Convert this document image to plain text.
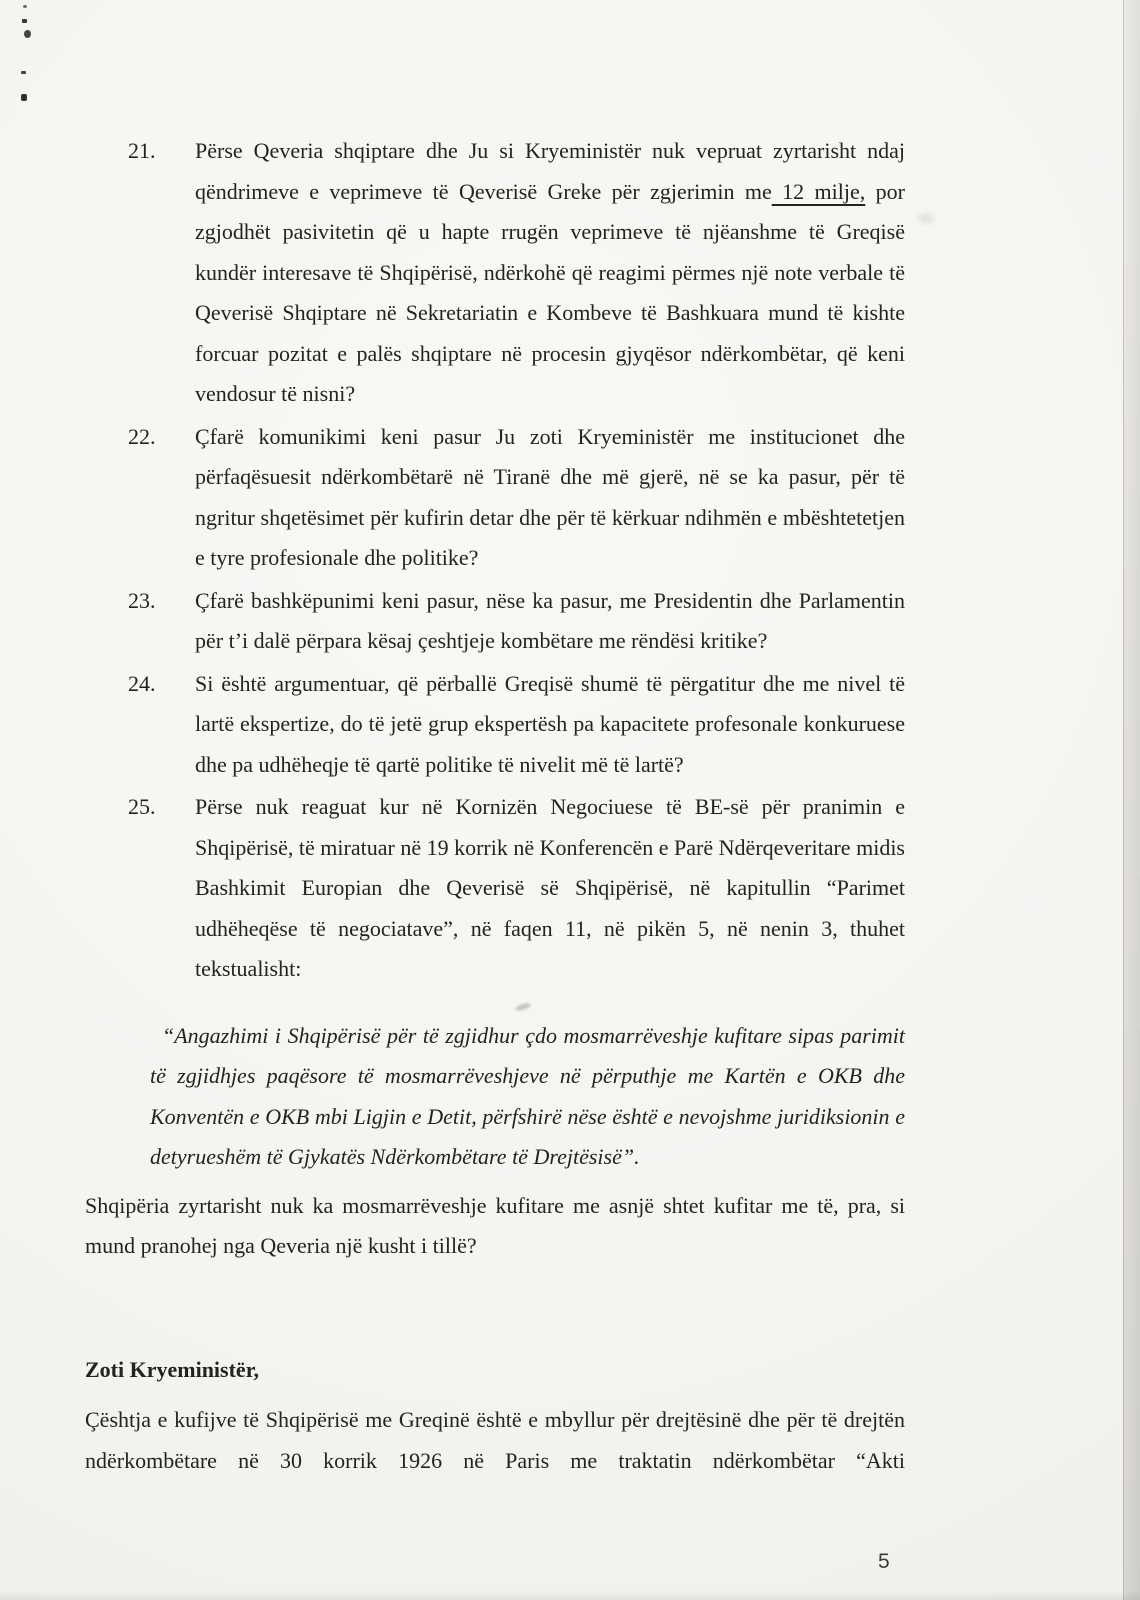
21.	Përse Qeveria shqiptare dhe Ju si Kryeministër nuk vepruat zyrtarisht ndaj qëndrimeve e veprimeve të Qeverisë Greke për zgjerimin me 12 milje, por zgjodhët pasivitetin që u hapte rrugën veprimeve të njëanshme të Greqisë kundër interesave të Shqipërisë, ndërkohë që reagimi përmes një note verbale të Qeverisë Shqiptare në Sekretariatin e Kombeve të Bashkuara mund të kishte forcuar pozitat e palës shqiptare në procesin gjyqësor ndërkombëtar, që keni vendosur të nisni?
22.	Çfarë komunikimi keni pasur Ju zoti Kryeministër me institucionet dhe përfaqësuesit ndërkombëtarë në Tiranë dhe më gjerë, në se ka pasur, për të ngritur shqetësimet për kufirin detar dhe për të kërkuar ndihmën e mbështetetjen e tyre profesionale dhe politike?
23.	Çfarë bashkëpunimi keni pasur, nëse ka pasur, me Presidentin dhe Parlamentin për t’i dalë përpara kësaj çeshtjeje kombëtare me rëndësi kritike?
24.	Si është argumentuar, që përballë Greqisë shumë të përgatitur dhe me nivel të lartë ekspertize, do të jetë grup ekspertësh pa kapacitete profesonale konkuruese dhe pa udhëheqje të qartë politike të nivelit më të lartë?
25.	Përse nuk reaguat kur në Kornizën Negociuese të BE-së për pranimin e Shqipërisë, të miratuar në 19 korrik në Konferencën e Parë Ndërqeveritare midis Bashkimit Europian dhe Qeverisë së Shqipërisë, në kapitullin “Parimet udhëheqëse të negociatave”, në faqen 11, në pikën 5, në nenin 3, thuhet tekstualisht:
“Angazhimi i Shqipërisë për të zgjidhur çdo mosmarrëveshje kufitare sipas parimit të zgjidhjes paqësore të mosmarrëveshjeve në përputhje me Kartën e OKB dhe Konventën e OKB mbi Ligjin e Detit, përfshirë nëse është e nevojshme juridiksionin e detyrueshëm të Gjykatës Ndërkombëtare të Drejtësisë”.

Shqipëria zyrtarisht nuk ka mosmarrëveshje kufitare me asnjë shtet kufitar me të, pra, si mund pranohej nga Qeveria një kusht i tillë?

Zoti Kryeministër,

Çështja e kufijve të Shqipërisë me Greqinë është e mbyllur për drejtësinë dhe për të drejtën ndërkombëtare në 30 korrik 1926 në Paris me traktatin ndërkombëtar “Akti

5
